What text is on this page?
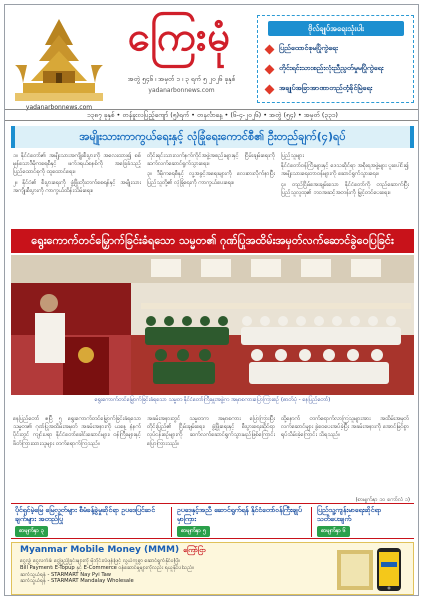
yadanarbonnews.com
ကြေးမုံ
အတွဲ ၅၄၆ ၊ အမှတ် ၁ ၊ ၃ ရက် ၅ ၂၀၂၆ ခုနှစ်
yadanarbonnews.com
ဗိုလ်ချုပ်အရေးသုံးပါး
ပြည်ထောင်စုမပြိုကွဲရေး
တိုင်းရင်းသားစည်းလုံးညီညွတ်မှုမပြိုကွဲရေး
အချုပ်အခြာအာဏာတည်တံ့ခိုင်မြဲရေး
၁၃၈၇ ခုနှစ် • တန်ခူးလပြည့်ကျော် (၅)ရက် • တနင်္လာနေ့ • (၆-၄-၂၀၂၆) • အတွဲ (၅၄) • အမှတ် (၃၃၁)
အမျိုးသားကာကွယ်ရေးနှင့် လုံခြုံရေးကောင်စီ၏ ဦးတည်ချက်(၄)ရပ်

၁။ နိုင်ငံတော်၏ အမျိုးသားအကျိုးစီးပွားကို အလေးထား၍ စစ်မှန်သောဒီမိုကရေစီနှင့် ဖက်ဒရယ်စနစ်ကို အခြေခံသည့် ပြည်ထောင်စုကို ထူထောင်ရေး။

၂။ နိုင်ငံ၏ စီးပွားရေးကို ဖွံ့ဖြိုးတိုးတက်စေရန်နှင့် အမျိုးသားအကျိုးစီးပွားကို ကာကွယ်ထိန်းသိမ်းရေး။

တိုင်းရင်းသားလက်နက်ကိုင်အဖွဲ့အစည်းများနှင့် ငြိမ်းချမ်းရေးကို ဆက်လက်ဆောင်ရွက်သွားရေး။

၃။ ဒီမိုကရေစီနှင့် လူ့အခွင့်အရေးများကို လေးစားလိုက်နာပြီး ပြည်သူတို့၏ လုံခြုံရေးကို ကာကွယ်ပေးရေး။

ပြည်သူများ

နိုင်ငံတော်ဝန်ကြီးများနှင့် ဒေသဆိုင်ရာ အစိုးရအဖွဲ့များ ပူးပေါင်း၍ အမျိုးသားရေးတာဝန်များကို ဆောင်ရွက်သွားရေး။

၄။ တည်ငြိမ်အေးချမ်းသော နိုင်ငံတော်ကို တည်ဆောက်ပြီး ပြည်သူလူထု၏ ဘဝအဆင့်အတန်းကို မြှင့်တင်ပေးရေး။

ရွေးကောက်တင်မြှောက်ခြင်းခံရသော သမ္မတ၏ ဂုဏ်ပြုအထိမ်းအမှတ်လက်ဆောင်ခွဲဝေပြခြင်း
ရွေးကောက်တင်မြှောက်ခြင်းခံရသော သမ္မတ နိုင်ငံတော်ကြီးမှူးအဖွဲ့က အမှာစကားပြောကြားစဉ် (ဓာတ်ပုံ - နေပြည်တော်)
နေပြည်တော် ဧပြီ ၅ ရွေးကောက်တင်မြှောက်ခြင်းခံရသော သမ္မတ၏ ဂုဏ်ပြုအထိမ်းအမှတ် အခမ်းအနားကို ယနေ့ နံနက်ပိုင်းတွင် ကျင်းပရာ နိုင်ငံတော်ခေါင်းဆောင်များ၊ ဝန်ကြီးများနှင့် ဖိတ်ကြားထားသူများ တက်ရောက်ကြသည်။
အခမ်းအနားတွင် သမ္မတက အမှာစကား ပြောကြားပြီး တိုင်းပြည်၏ ငြိမ်းချမ်းရေး၊ ဖွံ့ဖြိုးရေးနှင့် စီးပွားရေးဆိုင်ရာ လုပ်ငန်းစဉ်များကို ဆက်လက်ဆောင်ရွက်သွားမည်ဖြစ်ကြောင်း ပြောကြားသည်။
ထို့နောက် တက်ရောက်လာကြသူများအား အထိမ်းအမှတ် လက်ဆောင်များ ခွဲဝေပေးအပ်ခဲ့ပြီး အခမ်းအနားကို အောင်မြင်စွာ ရုပ်သိမ်းခဲ့ကြောင်း သိရသည်။
(စာမျက်နှာ ၁၀ ကော်လံ ၁)
ပိုင်ရှင်မဲ့မြေ မြေလွတ်များ စီမံခန့်ခွဲမှုဆိုင်ရာ ဥပဒေပြင်ဆင်ချက်များ အတည်ပြု
စာမျက်နှာ ၃
ဥပဒေနှင့်အညီ ဆောင်ရွက်ရန် နိုင်ငံတော်ဝန်ကြီးချုပ် မှာကြား
စာမျက်နှာ ၅
ပြည်သူ့ကျန်းမာရေးဆိုင်ရာ သတိပေးချက်
စာမျက်နှာ ၆
Myanmar Mobile Money (MMM) ကြော်ငြာ
ငွေလွှဲ၊ ငွေလက်ခံ၊ ငွေဖြည့်ခြင်းများကို မိုဘိုင်းလ်ဖုန်းဖြင့် လွယ်ကူစွာ ဆောင်ရွက်နိုင်ပါပြီ။
Bill Payment၊ E-Topup နှင့် E-Commerce ဝန်ဆောင်မှုများကိုလည်း ရယူနိုင်ပါသည်။
ဆက်သွယ်ရန် - STARMART Nay Pyi Taw
ဆက်သွယ်ရန် - STARMART Mandalay Wholesale
